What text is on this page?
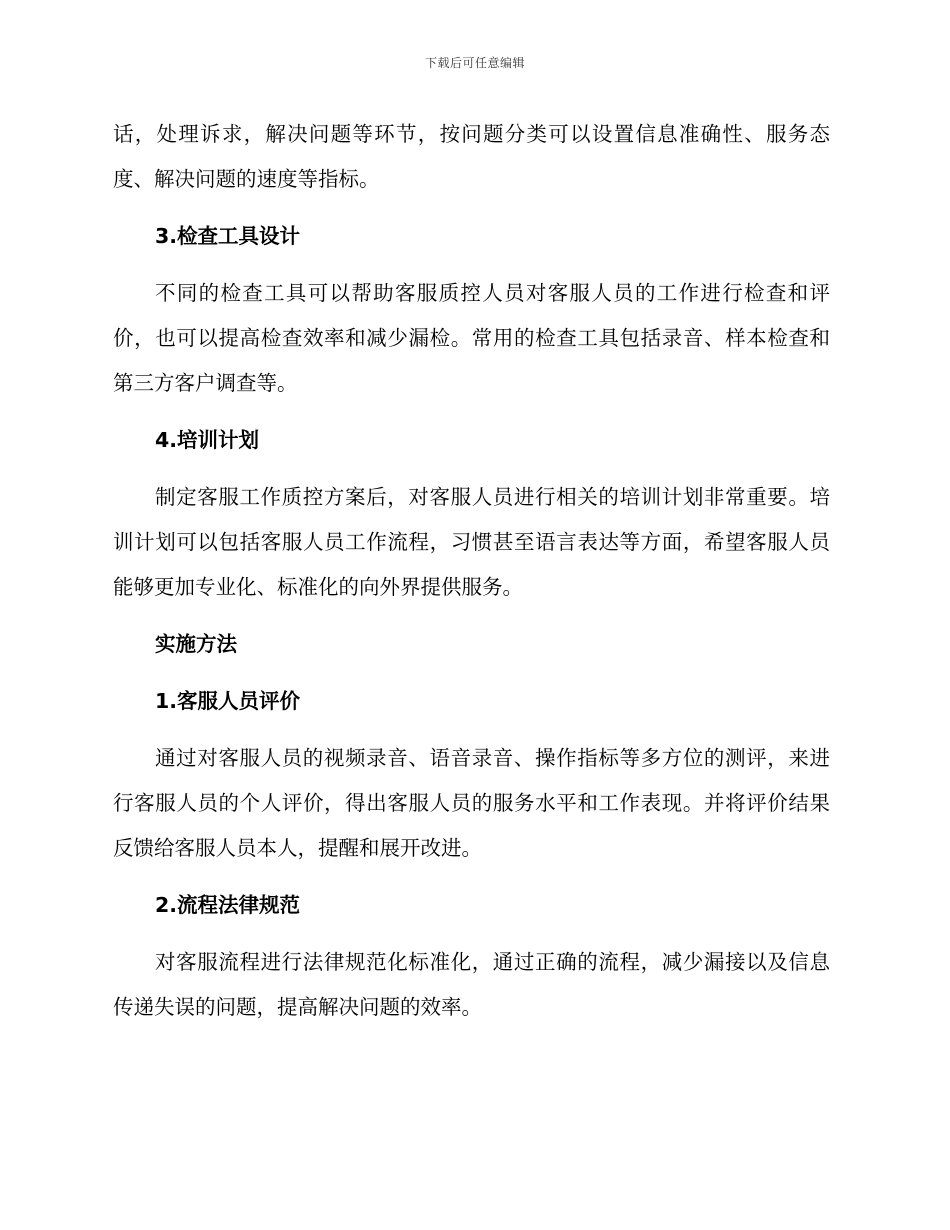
下载后可任意编辑

话，处理诉求，解决问题等环节，按问题分类可以设置信息准确性、服务态度、解决问题的速度等指标。

3.检查工具设计

不同的检查工具可以帮助客服质控人员对客服人员的工作进行检查和评价，也可以提高检查效率和减少漏检。常用的检查工具包括录音、样本检查和第三方客户调查等。

4.培训计划

制定客服工作质控方案后，对客服人员进行相关的培训计划非常重要。培训计划可以包括客服人员工作流程，习惯甚至语言表达等方面，希望客服人员能够更加专业化、标准化的向外界提供服务。

实施方法
1.客服人员评价

通过对客服人员的视频录音、语音录音、操作指标等多方位的测评，来进行客服人员的个人评价，得出客服人员的服务水平和工作表现。并将评价结果反馈给客服人员本人，提醒和展开改进。

2.流程法律规范

对客服流程进行法律规范化标准化，通过正确的流程，减少漏接以及信息传递失误的问题，提高解决问题的效率。
